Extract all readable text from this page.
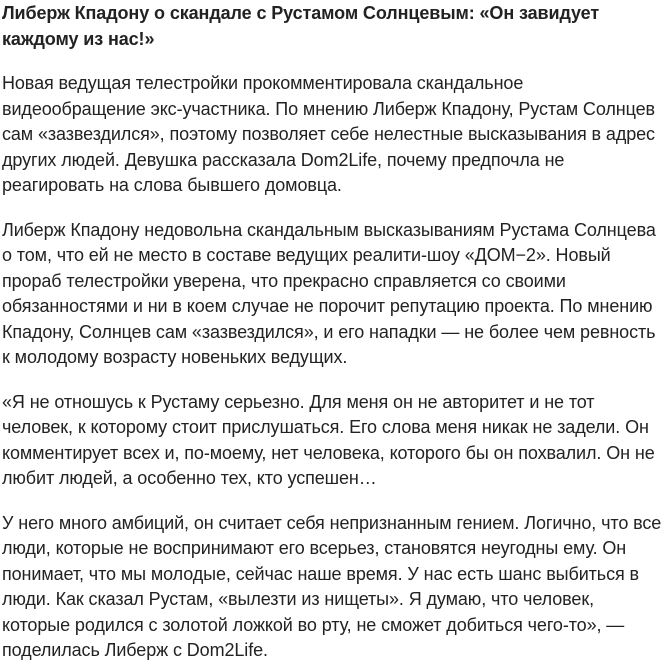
Либерж Кпадону о скандале с Рустамом Солнцевым: «Он завидует каждому из нас!»

Новая ведущая телестройки прокомментировала скандальное видеообращение экс-участника. По мнению Либерж Кпадону, Рустам Солнцев сам «зазвездился», поэтому позволяет себе нелестные высказывания в адрес других людей. Девушка рассказала Dom2Life, почему предпочла не реагировать на слова бывшего домовца.

Либерж Кпадону недовольна скандальным высказываниям Рустама Солнцева о том, что ей не место в составе ведущих реалити-шоу «ДОМ−2». Новый прораб телестройки уверена, что прекрасно справляется со своими обязанностями и ни в коем случае не порочит репутацию проекта. По мнению Кпадону, Солнцев сам «зазвездился», и его нападки — не более чем ревность к молодому возрасту новеньких ведущих.

«Я не отношусь к Рустаму серьезно. Для меня он не авторитет и не тот человек, к которому стоит прислушаться. Его слова меня никак не задели. Он комментирует всех и, по-моему, нет человека, которого бы он похвалил. Он не любит людей, а особенно тех, кто успешен…

У него много амбиций, он считает себя непризнанным гением. Логично, что все люди, которые не воспринимают его всерьез, становятся неугодны ему. Он понимает, что мы молодые, сейчас наше время. У нас есть шанс выбиться в люди. Как сказал Рустам, «вылезти из нищеты». Я думаю, что человек, которые родился с золотой ложкой во рту, не сможет добиться чего-то», — поделилась Либерж с Dom2Life.
